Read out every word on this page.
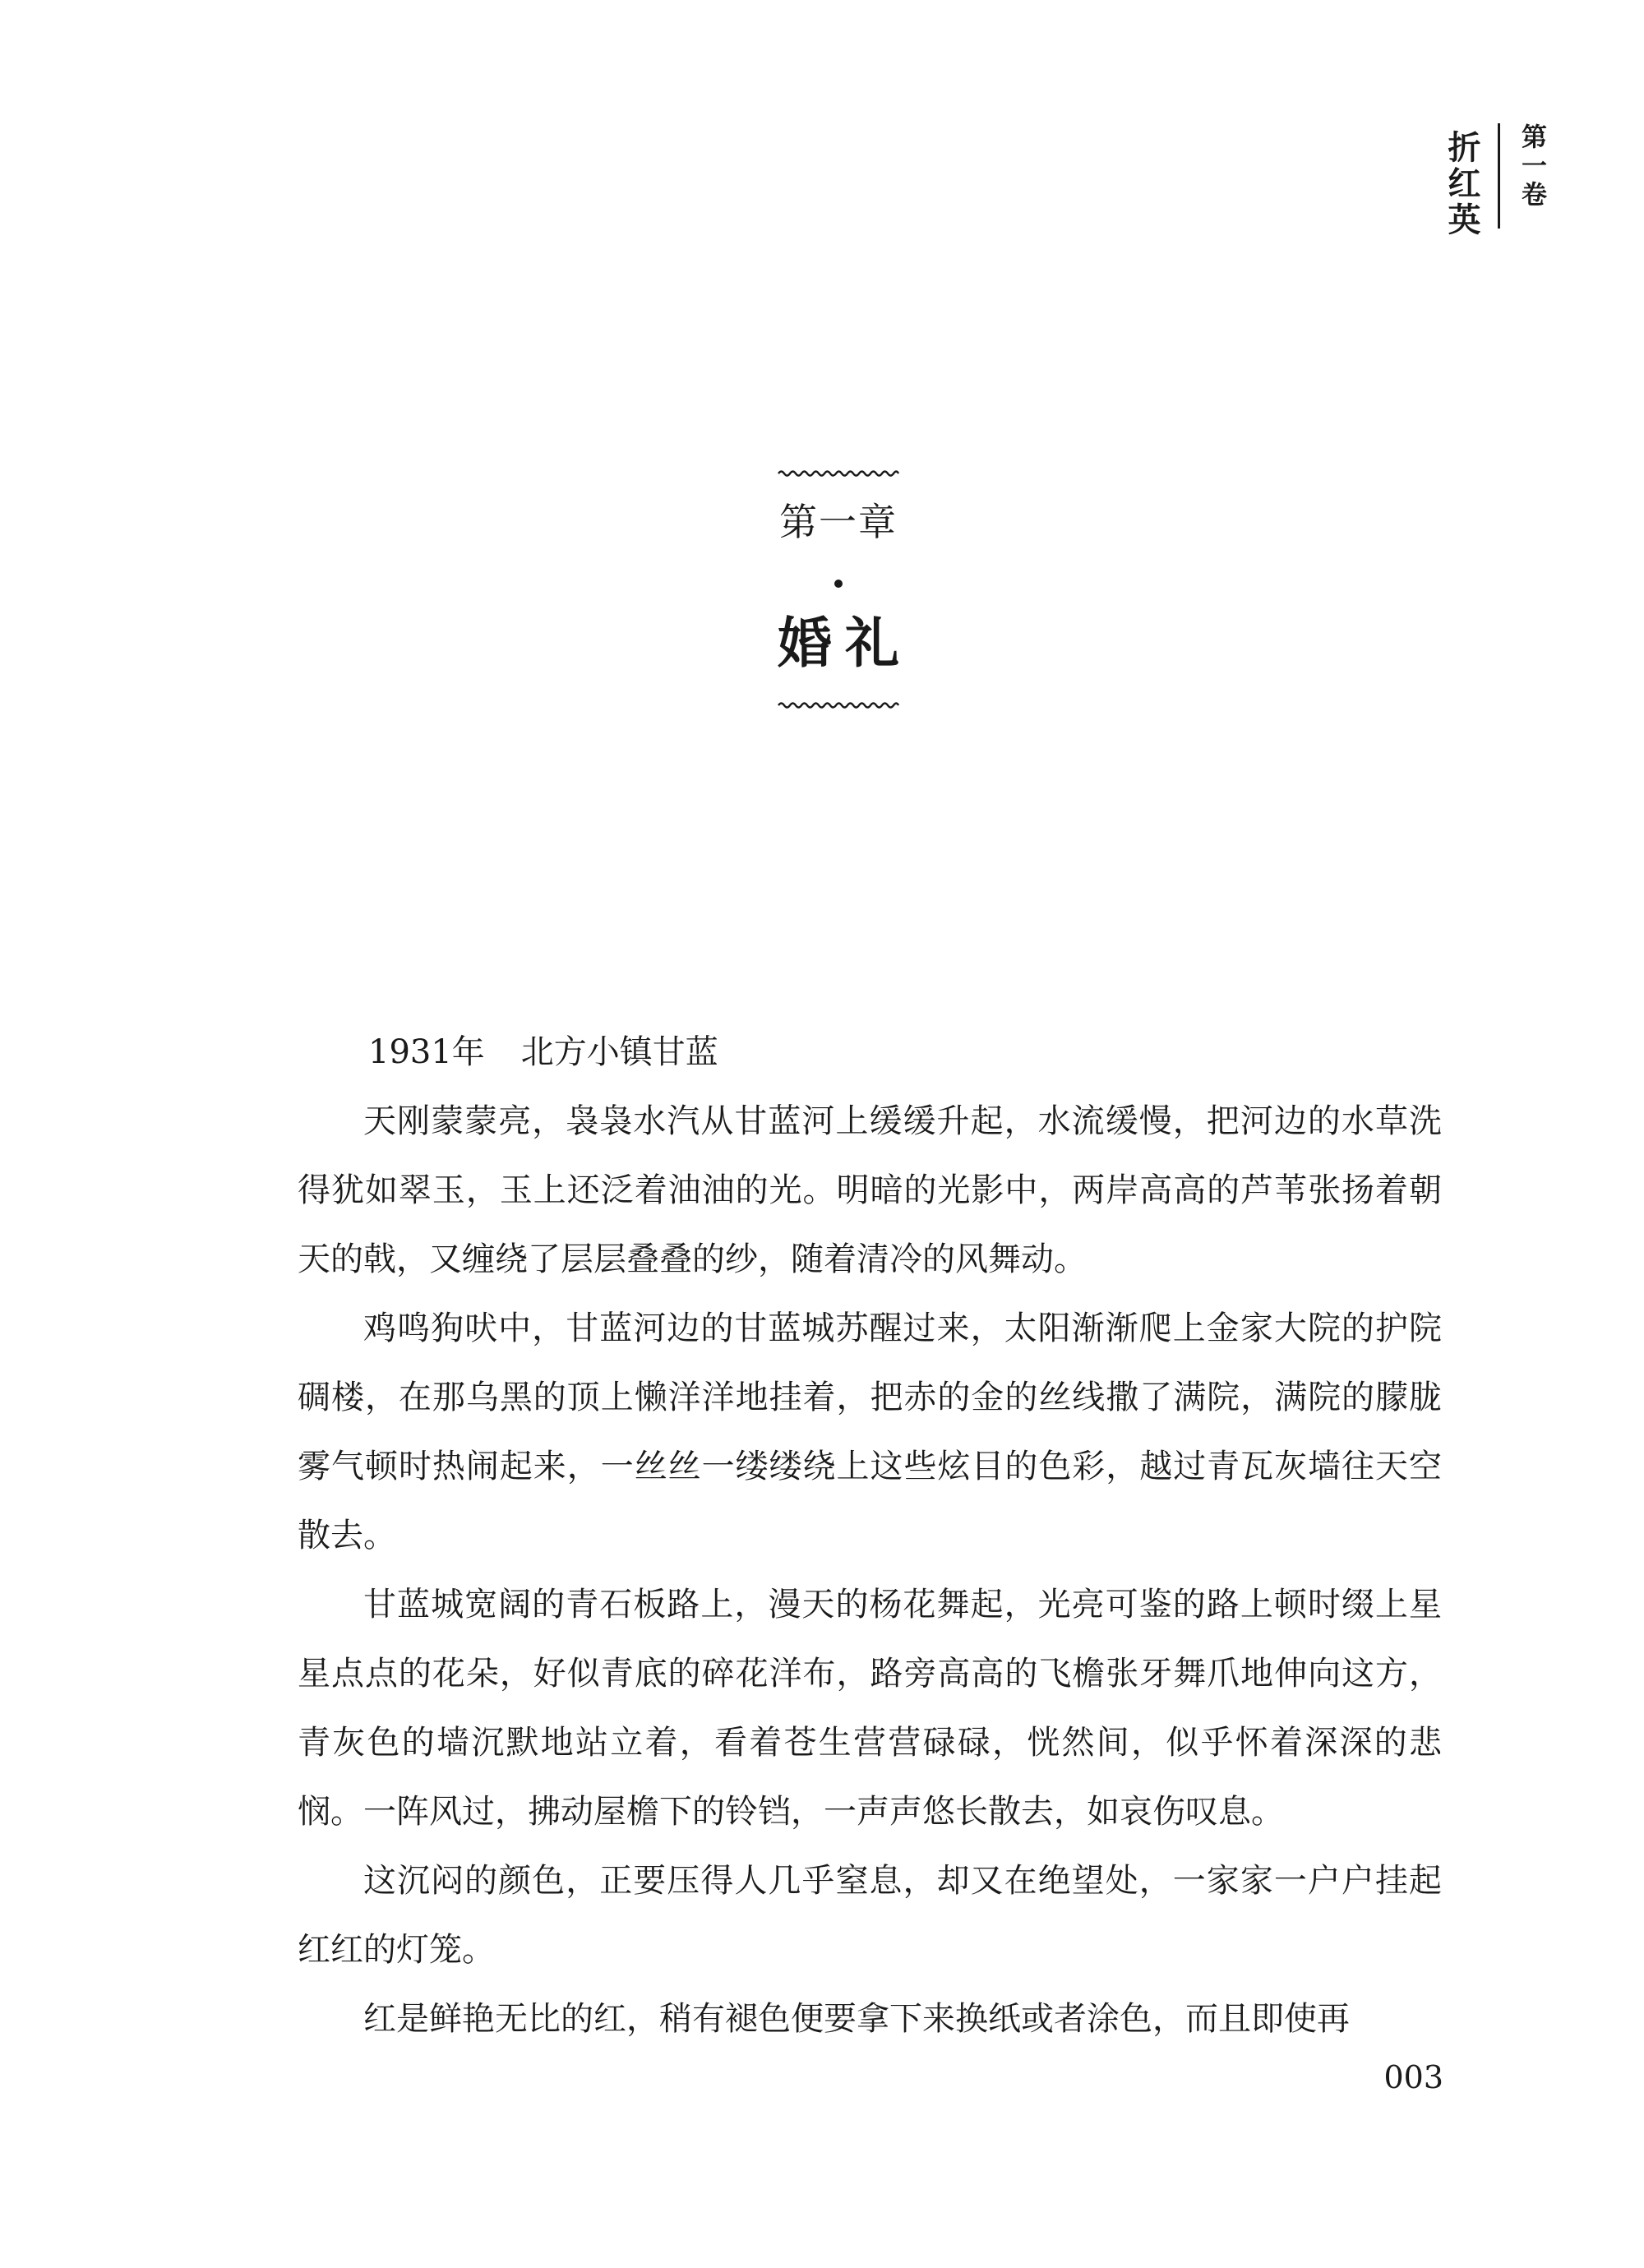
折红英 第一卷
第一章
婚礼
1931年 北方小镇甘蓝

天刚蒙蒙亮，袅袅水汽从甘蓝河上缓缓升起，水流缓慢，把河边的水草洗得犹如翠玉，玉上还泛着油油的光。明暗的光影中，两岸高高的芦苇张扬着朝天的戟，又缠绕了层层叠叠的纱，随着清冷的风舞动。

鸡鸣狗吠中，甘蓝河边的甘蓝城苏醒过来，太阳渐渐爬上金家大院的护院碉楼，在那乌黑的顶上懒洋洋地挂着，把赤的金的丝线撒了满院，满院的朦胧雾气顿时热闹起来，一丝丝一缕缕绕上这些炫目的色彩，越过青瓦灰墙往天空散去。

甘蓝城宽阔的青石板路上，漫天的杨花舞起，光亮可鉴的路上顿时缀上星星点点的花朵，好似青底的碎花洋布，路旁高高的飞檐张牙舞爪地伸向这方，青灰色的墙沉默地站立着，看着苍生营营碌碌，恍然间，似乎怀着深深的悲悯。一阵风过，拂动屋檐下的铃铛，一声声悠长散去，如哀伤叹息。

这沉闷的颜色，正要压得人几乎窒息，却又在绝望处，一家家一户户挂起红红的灯笼。

红是鲜艳无比的红，稍有褪色便要拿下来换纸或者涂色，而且即使再

003
